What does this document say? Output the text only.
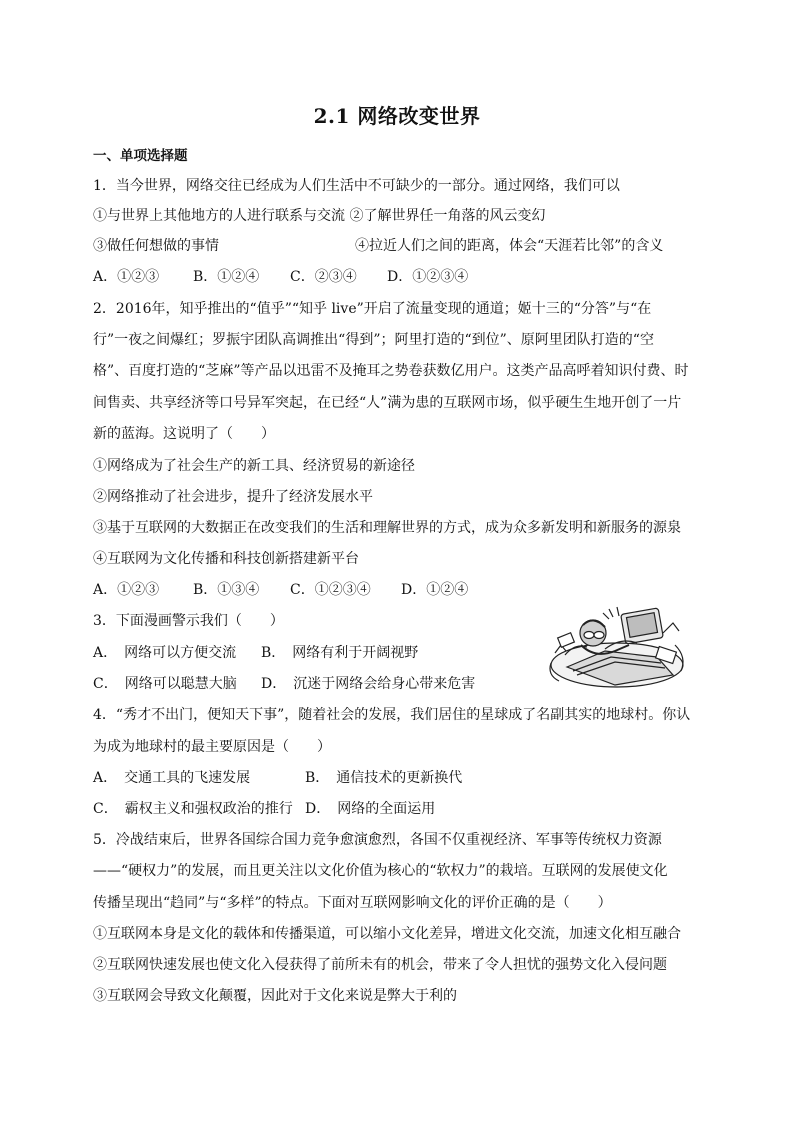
2.1 网络改变世界
一、单项选择题
1．当今世界，网络交往已经成为人们生活中不可缺少的一部分。通过网络，我们可以
①与世界上其他地方的人进行联系与交流 ②了解世界任一角落的风云变幻
③做任何想做的事情	④拉近人们之间的距离，体会“天涯若比邻”的含义
A．①②③ B．①②④ C．②③④ D．①②③④
2．2016年，知乎推出的“值乎”“知乎 live”开启了流量变现的通道；姬十三的“分答”与“在
行”一夜之间爆红；罗振宇团队高调推出“得到”；阿里打造的“到位”、原阿里团队打造的“空
格”、百度打造的“芝麻”等产品以迅雷不及掩耳之势卷获数亿用户。这类产品高呼着知识付费、时
间售卖、共享经济等口号异军突起，在已经“人”满为患的互联网市场，似乎硬生生地开创了一片
新的蓝海。这说明了（　　）
①网络成为了社会生产的新工具、经济贸易的新途径
②网络推动了社会进步，提升了经济发展水平
③基于互联网的大数据正在改变我们的生活和理解世界的方式，成为众多新发明和新服务的源泉
④互联网为文化传播和科技创新搭建新平台
A．①②③ B．①③④ C．①②③④ D．①②④
3．下面漫画警示我们（　　）
A．　网络可以方便交流 B．　网络有利于开阔视野
C．　网络可以聪慧大脑 D．　沉迷于网络会给身心带来危害
4．“秀才不出门，便知天下事”，随着社会的发展，我们居住的星球成了名副其实的地球村。你认
为成为地球村的最主要原因是（　　）
A．　交通工具的飞速发展	B．　通信技术的更新换代
C．　霸权主义和强权政治的推行 D．　网络的全面运用
5．冷战结束后，世界各国综合国力竞争愈演愈烈，各国不仅重视经济、军事等传统权力资源
——“硬权力”的发展，而且更关注以文化价值为核心的“软权力”的栽培。互联网的发展使文化
传播呈现出“趋同”与“多样”的特点。下面对互联网影响文化的评价正确的是（　　）
①互联网本身是文化的载体和传播渠道，可以缩小文化差异，增进文化交流，加速文化相互融合
②互联网快速发展也使文化入侵获得了前所未有的机会，带来了令人担忧的强势文化入侵问题
③互联网会导致文化颠覆，因此对于文化来说是弊大于利的
